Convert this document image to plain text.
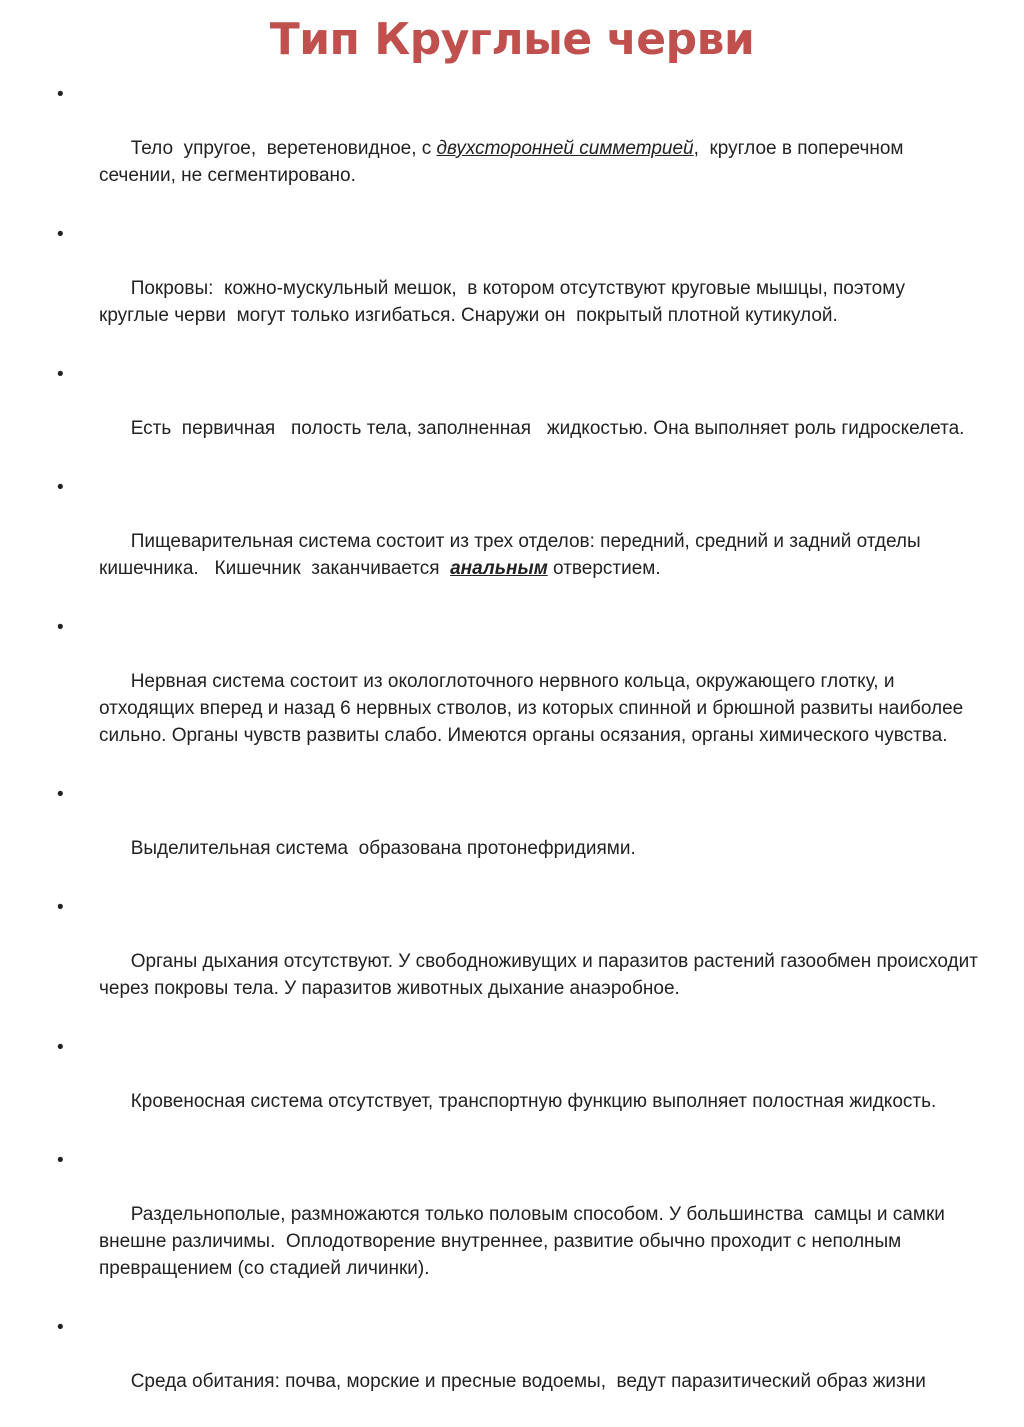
Тип Круглые черви

•

Тело  упругое,  веретеновидное, с двухсторонней симметрией,  круглое в поперечном сечении, не сегментировано.

•

Покровы:  кожно-мускульный мешок,  в котором отсутствуют круговые мышцы, поэтому круглые черви  могут только изгибаться. Снаружи он  покрытый плотной кутикулой.

•

Есть  первичная   полость тела, заполненная   жидкостью. Она выполняет роль гидроскелета.

•

Пищеварительная система состоит из трех отделов: передний, средний и задний отделы кишечника.   Кишечник  заканчивается  анальным отверстием.

•

Нервная система состоит из окологлоточного нервного кольца, окружающего глотку, и отходящих вперед и назад 6 нервных стволов, из которых спинной и брюшной развиты наиболее сильно. Органы чувств развиты слабо. Имеются органы осязания, органы химического чувства.

•

Выделительная система  образована протонефридиями.

•

Органы дыхания отсутствуют. У свободноживущих и паразитов растений газообмен происходит через покровы тела. У паразитов животных дыхание анаэробное.

•

Кровеносная система отсутствует, транспортную функцию выполняет полостная жидкость.

•

Раздельнополые, размножаются только половым способом. У большинства  самцы и самки внешне различимы.  Оплодотворение внутреннее, развитие обычно проходит с неполным превращением (со стадией личинки).

•

Среда обитания: почва, морские и пресные водоемы,  ведут паразитический образ жизни
